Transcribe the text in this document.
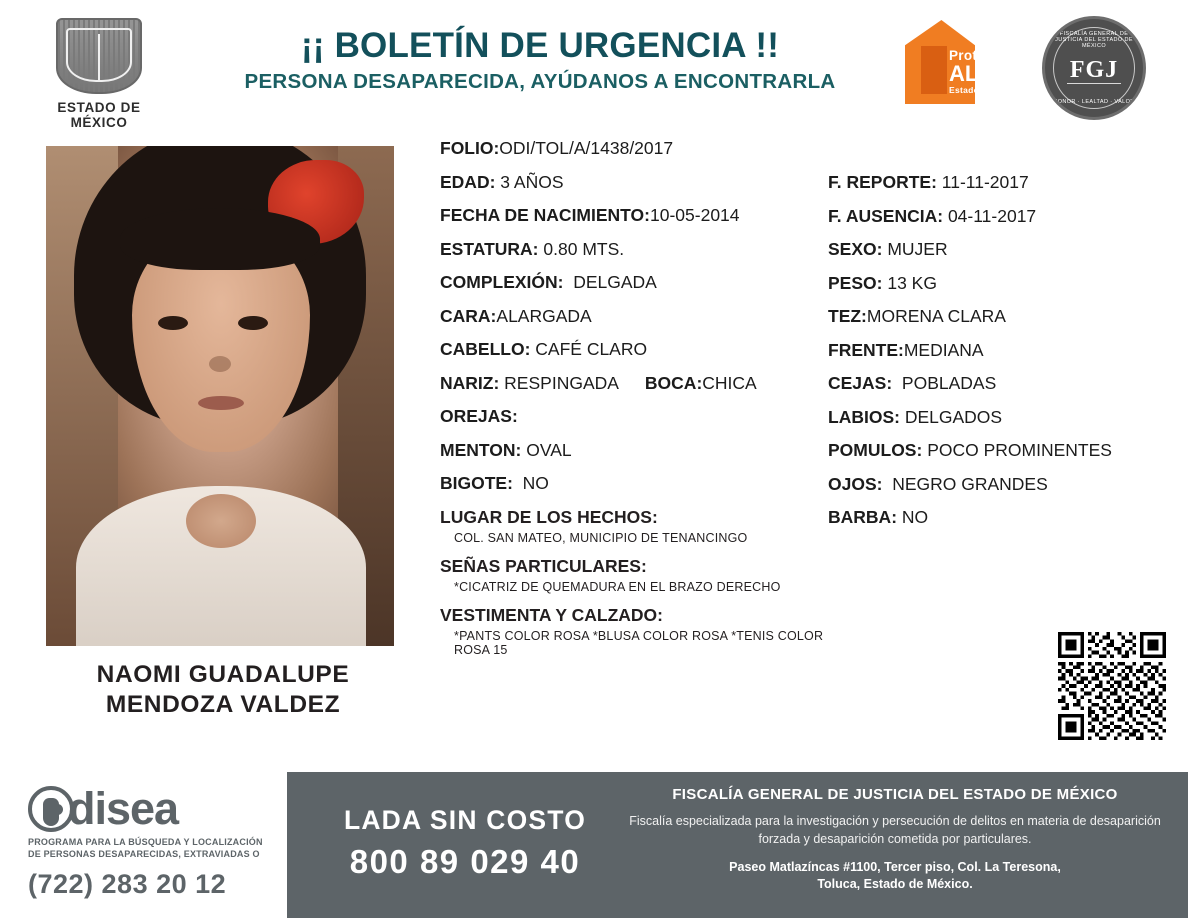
ESTADO DE MÉXICO
¡¡ BOLETÍN DE URGENCIA !!
PERSONA DESAPARECIDA, AYÚDANOS A ENCONTRARLA
Protocolo
ALBA
Estado de México
FISCALÍA GENERAL DE JUSTICIA DEL ESTADO DE MÉXICO
FGJ
HONOR · LEALTAD · VALOR
NAOMI GUADALUPE
MENDOZA VALDEZ
FOLIO:ODI/TOL/A/1438/2017
EDAD: 3 AÑOS
FECHA DE NACIMIENTO:10-05-2014
ESTATURA: 0.80 MTS.
COMPLEXIÓN: DELGADA
CARA:ALARGADA
CABELLO: CAFÉ CLARO
NARIZ: RESPINGADA BOCA:CHICA
OREJAS:
MENTON: OVAL
BIGOTE: NO
LUGAR DE LOS HECHOS:
COL. SAN MATEO, MUNICIPIO DE TENANCINGO
SEÑAS PARTICULARES:
*CICATRIZ DE QUEMADURA EN EL BRAZO DERECHO
VESTIMENTA Y CALZADO:
*PANTS COLOR ROSA *BLUSA COLOR ROSA *TENIS COLOR ROSA 15
F. REPORTE: 11-11-2017
F. AUSENCIA: 04-11-2017
SEXO: MUJER
PESO: 13 KG
TEZ:MORENA CLARA
FRENTE:MEDIANA
CEJAS: POBLADAS
LABIOS: DELGADOS
POMULOS: POCO PROMINENTES
OJOS: NEGRO GRANDES
BARBA: NO
LADA SIN COSTO
800 89 029 40
FISCALÍA GENERAL DE JUSTICIA DEL ESTADO DE MÉXICO
Fiscalía especializada para la investigación y persecución de delitos en materia de desaparición forzada y desaparición cometida por particulares.
Paseo Matlazíncas #1100, Tercer piso, Col. La Teresona,
Toluca, Estado de México.
disea
PROGRAMA PARA LA BÚSQUEDA Y LOCALIZACIÓN
DE PERSONAS DESAPARECIDAS, EXTRAVIADAS O
(722) 283 20 12
